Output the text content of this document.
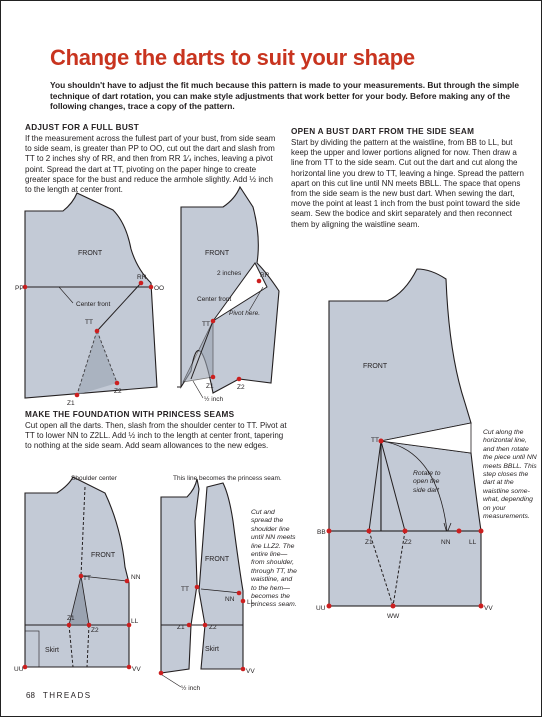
Change the darts to suit your shape

You shouldn't have to adjust the fit much because this pattern is made to your measurements. But through the simple technique of dart rotation, you can make style adjustments that work better for your body. Before making any of the following changes, trace a copy of the pattern.

ADJUST FOR A FULL BUST

If the measurement across the fullest part of your bust, from side seam to side seam, is greater than PP to OO, cut out the dart and slash from TT to 2 inches shy of RR, and then from RR 1⁄₄ inches, leaving a pivot point. Spread the dart at TT, pivoting on the paper hinge to create greater space for the bust and reduce the armhole slightly. Add ½ inch to the length at center front.

OPEN A BUST DART FROM THE SIDE SEAM

Start by dividing the pattern at the waistline, from BB to LL, but keep the upper and lower portions aligned for now. Then draw a line from TT to the side seam. Cut out the dart and cut along the horizontal line you drew to TT, leaving a hinge. Spread the pattern apart on this cut line until NN meets BBLL. The space that opens from the side seam is the new bust dart. When sewing the dart, move the point at least 1 inch from the bust point toward the side seam. Sew the bodice and skirt separately and then reconnect them by aligning the waistline seam.

MAKE THE FOUNDATION WITH PRINCESS SEAMS

Cut open all the darts. Then, slash from the shoulder center to TT. Pivot at TT to lower NN to Z2LL. Add ½ inch to the length at center front, tapering to nothing at the side seam. Add seam allowances to the new edges.

FRONT
PP	OO
RR
TT
Z1
Z2
Center front
FRONT
2 inches	RR
Center front
TT
Pivot here.
Z1	Z2
½ inch
Shoulder center
FRONT
TT	NN
LL
Z1
Z2
Skirt
UU	VV
This line becomes the princess seam.
FRONT
TT
NN LL
Z1	Z2
Skirt
VV
½ inch

Cut and spread the shoulder line until NN meets line LLZ2. The entire line—from shoulder, through TT, the waistline, and to the hem—becomes the princess seam.

FRONT
TT
BB
Z1	Z2	NN	LL
UU
WW
VV

Rotate to open the side dart

Cut along the horizontal line, and then rotate the piece until NN meets BBLL. This step closes the dart at the waistline some-what, depending on your measurements.

68 THREADS
